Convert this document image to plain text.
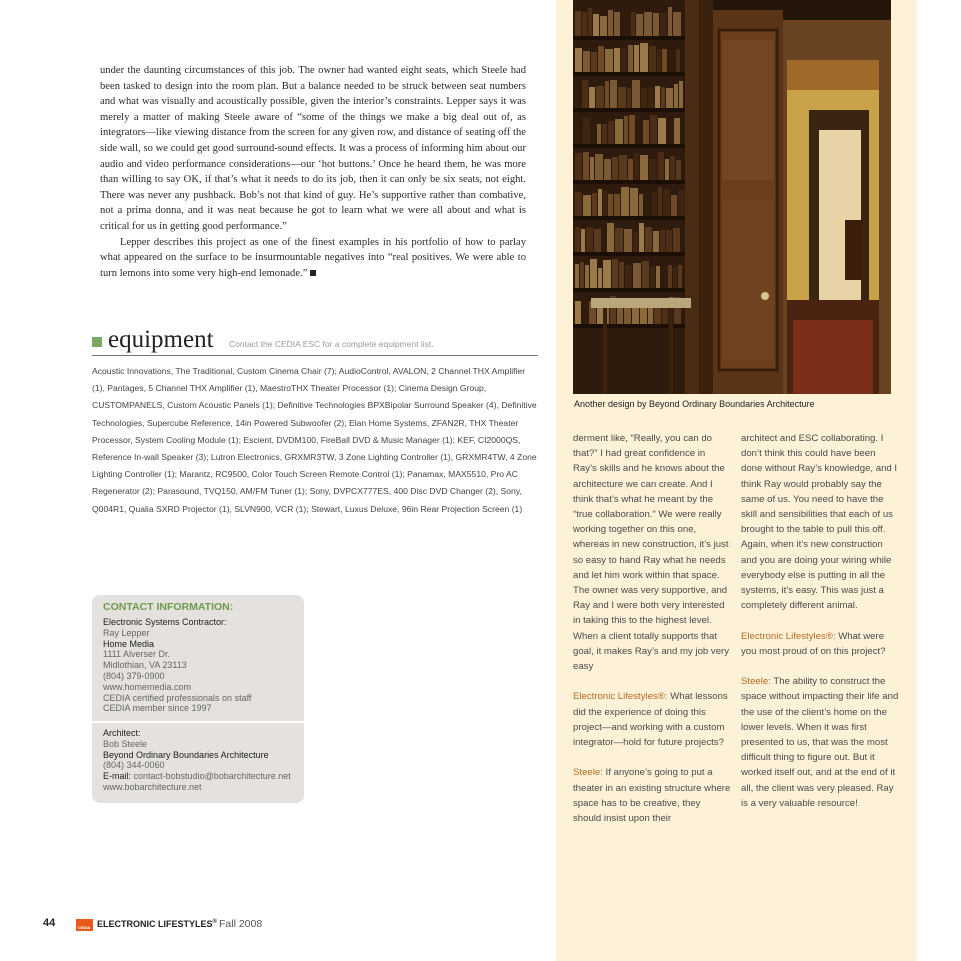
under the daunting circumstances of this job. The owner had wanted eight seats, which Steele had been tasked to design into the room plan. But a balance needed to be struck between seat numbers and what was visually and acoustically possible, given the interior’s constraints. Lepper says it was merely a matter of making Steele aware of “some of the things we make a big deal out of, as integrators—like viewing distance from the screen for any given row, and distance of seating off the side wall, so we could get good surround-sound effects. It was a process of informing him about our audio and video performance considerations—our ‘hot buttons.’ Once he heard them, he was more than willing to say OK, if that’s what it needs to do its job, then it can only be six seats, not eight. There was never any pushback. Bob’s not that kind of guy. He’s supportive rather than combative, not a prima donna, and it was neat because he got to learn what we were all about and what is critical for us in getting good performance.”

Lepper describes this project as one of the finest examples in his portfolio of how to parlay what appeared on the surface to be insurmountable negatives into “real positives. We were able to turn lemons into some very high-end lemonade.”

equipment Contact the CEDIA ESC for a complete equipment list.
Acoustic Innovations, The Traditional, Custom Cinema Chair (7); AudioControl, AVALON, 2 Channel THX Amplifier (1), Pantages, 5 Channel THX Amplifier (1), MaestroTHX Theater Processor (1); Cinema Design Group, CUSTOMPANELS, Custom Acoustic Panels (1); Definitive Technologies BPXBipolar Surround Speaker (4), Definitive Technologies, Supercube Reference, 14in Powered Subwoofer (2); Elan Home Systems, ZFAN2R, THX Theater Processor, System Cooling Module (1); Escient, DVDM100, FireBall DVD & Music Manager (1); KEF, CI2000QS, Reference In-wall Speaker (3); Lutron Electronics, GRXMR3TW, 3 Zone Lighting Controller (1), GRXMR4TW, 4 Zone Lighting Controller (1); Marantz, RC9500, Color Touch Screen Remote Control (1); Panamax, MAX5510, Pro AC Regenerator (2); Parasound, TVQ150, AM/FM Tuner (1); Sony, DVPCX777ES, 400 Disc DVD Changer (2), Sony, Q004R1, Qualia SXRD Projector (1), SLVN900, VCR (1); Stewart, Luxus Deluxe, 96in Rear Projection Screen (1)
CONTACT INFORMATION:
Electronic Systems Contractor:
Ray Lepper
Home Media
1111 Alverser Dr.
Midlothian, VA 23113
(804) 379-0900
www.homemedia.com
CEDIA certified professionals on staff
CEDIA member since 1997
Architect:
Bob Steele
Beyond Ordinary Boundaries Architecture
(804) 344-0060
E-mail: contact-bobstudio@bobarchitecture.net
www.bobarchitecture.net
Another design by Beyond Ordinary Boundaries Architecture

derment like, “Really, you can do that?” I had great confidence in Ray’s skills and he knows about the architecture we can create. And I think that’s what he meant by the “true collaboration.” We were really working together on this one, whereas in new construction, it’s just so easy to hand Ray what he needs and let him work within that space. The owner was very supportive, and Ray and I were both very interested in taking this to the highest level. When a client totally supports that goal, it makes Ray’s and my job very easy

Electronic Lifestyles®: What lessons did the experience of doing this project—and working with a custom integrator—hold for future projects?

Steele: If anyone’s going to put a theater in an existing structure where space has to be creative, they should insist upon their

architect and ESC collaborating. I don’t think this could have been done without Ray’s knowledge, and I think Ray would probably say the same of us. You need to have the skill and sensibilities that each of us brought to the table to pull this off. Again, when it’s new construction and you are doing your wiring while everybody else is putting in all the systems, it’s easy. This was just a completely different animal.

Electronic Lifestyles®: What were you most proud of on this project?

Steele: The ability to construct the space without impacting their life and the use of the client’s home on the lower levels. When it was first presented to us, that was the most difficult thing to figure out. But it worked itself out, and at the end of it all, the client was very pleased. Ray is a very valuable resource!

44	CEDIA ELECTRONIC LIFESTYLES® Fall 2008
